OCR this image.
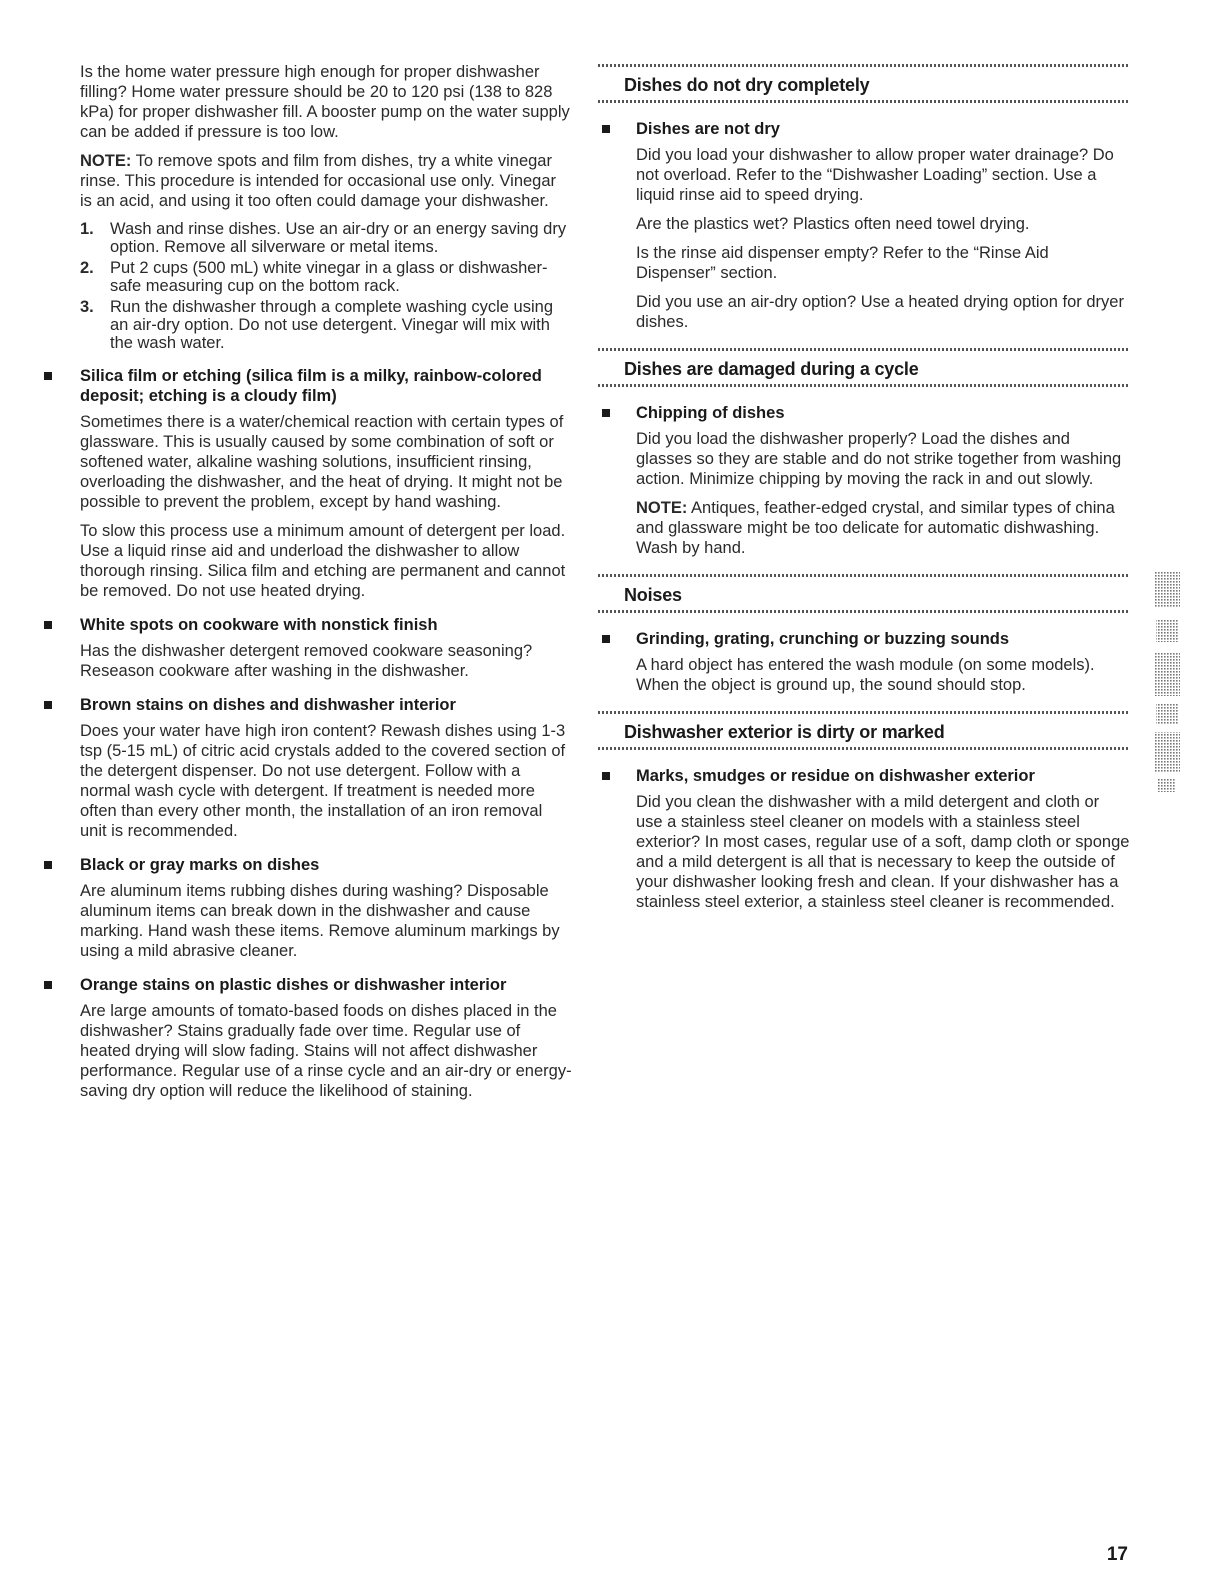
Is the home water pressure high enough for proper dishwasher filling? Home water pressure should be 20 to 120 psi (138 to 828 kPa) for proper dishwasher fill. A booster pump on the water supply can be added if pressure is too low.

NOTE: To remove spots and film from dishes, try a white vinegar rinse. This procedure is intended for occasional use only. Vinegar is an acid, and using it too often could damage your dishwasher.

1. Wash and rinse dishes. Use an air-dry or an energy saving dry option. Remove all silverware or metal items.
2. Put 2 cups (500 mL) white vinegar in a glass or dishwasher-safe measuring cup on the bottom rack.
3. Run the dishwasher through a complete washing cycle using an air-dry option. Do not use detergent. Vinegar will mix with the wash water.
Silica film or etching (silica film is a milky, rainbow-colored deposit; etching is a cloudy film)

Sometimes there is a water/chemical reaction with certain types of glassware. This is usually caused by some combination of soft or softened water, alkaline washing solutions, insufficient rinsing, overloading the dishwasher, and the heat of drying. It might not be possible to prevent the problem, except by hand washing.

To slow this process use a minimum amount of detergent per load. Use a liquid rinse aid and underload the dishwasher to allow thorough rinsing. Silica film and etching are permanent and cannot be removed. Do not use heated drying.

White spots on cookware with nonstick finish

Has the dishwasher detergent removed cookware seasoning? Reseason cookware after washing in the dishwasher.

Brown stains on dishes and dishwasher interior

Does your water have high iron content? Rewash dishes using 1-3 tsp (5-15 mL) of citric acid crystals added to the covered section of the detergent dispenser. Do not use detergent. Follow with a normal wash cycle with detergent. If treatment is needed more often than every other month, the installation of an iron removal unit is recommended.

Black or gray marks on dishes

Are aluminum items rubbing dishes during washing? Disposable aluminum items can break down in the dishwasher and cause marking. Hand wash these items. Remove aluminum markings by using a mild abrasive cleaner.

Orange stains on plastic dishes or dishwasher interior

Are large amounts of tomato-based foods on dishes placed in the dishwasher? Stains gradually fade over time. Regular use of heated drying will slow fading. Stains will not affect dishwasher performance. Regular use of a rinse cycle and an air-dry or energy-saving dry option will reduce the likelihood of staining.

Dishes do not dry completely
Dishes are not dry

Did you load your dishwasher to allow proper water drainage? Do not overload. Refer to the “Dishwasher Loading” section. Use a liquid rinse aid to speed drying.

Are the plastics wet? Plastics often need towel drying.

Is the rinse aid dispenser empty? Refer to the “Rinse Aid Dispenser” section.

Did you use an air-dry option? Use a heated drying option for dryer dishes.

Dishes are damaged during a cycle
Chipping of dishes

Did you load the dishwasher properly? Load the dishes and glasses so they are stable and do not strike together from washing action. Minimize chipping by moving the rack in and out slowly.

NOTE: Antiques, feather-edged crystal, and similar types of china and glassware might be too delicate for automatic dishwashing. Wash by hand.

Noises
Grinding, grating, crunching or buzzing sounds

A hard object has entered the wash module (on some models). When the object is ground up, the sound should stop.

Dishwasher exterior is dirty or marked
Marks, smudges or residue on dishwasher exterior

Did you clean the dishwasher with a mild detergent and cloth or use a stainless steel cleaner on models with a stainless steel exterior? In most cases, regular use of a soft, damp cloth or sponge and a mild detergent is all that is necessary to keep the outside of your dishwasher looking fresh and clean. If your dishwasher has a stainless steel exterior, a stainless steel cleaner is recommended.

17
